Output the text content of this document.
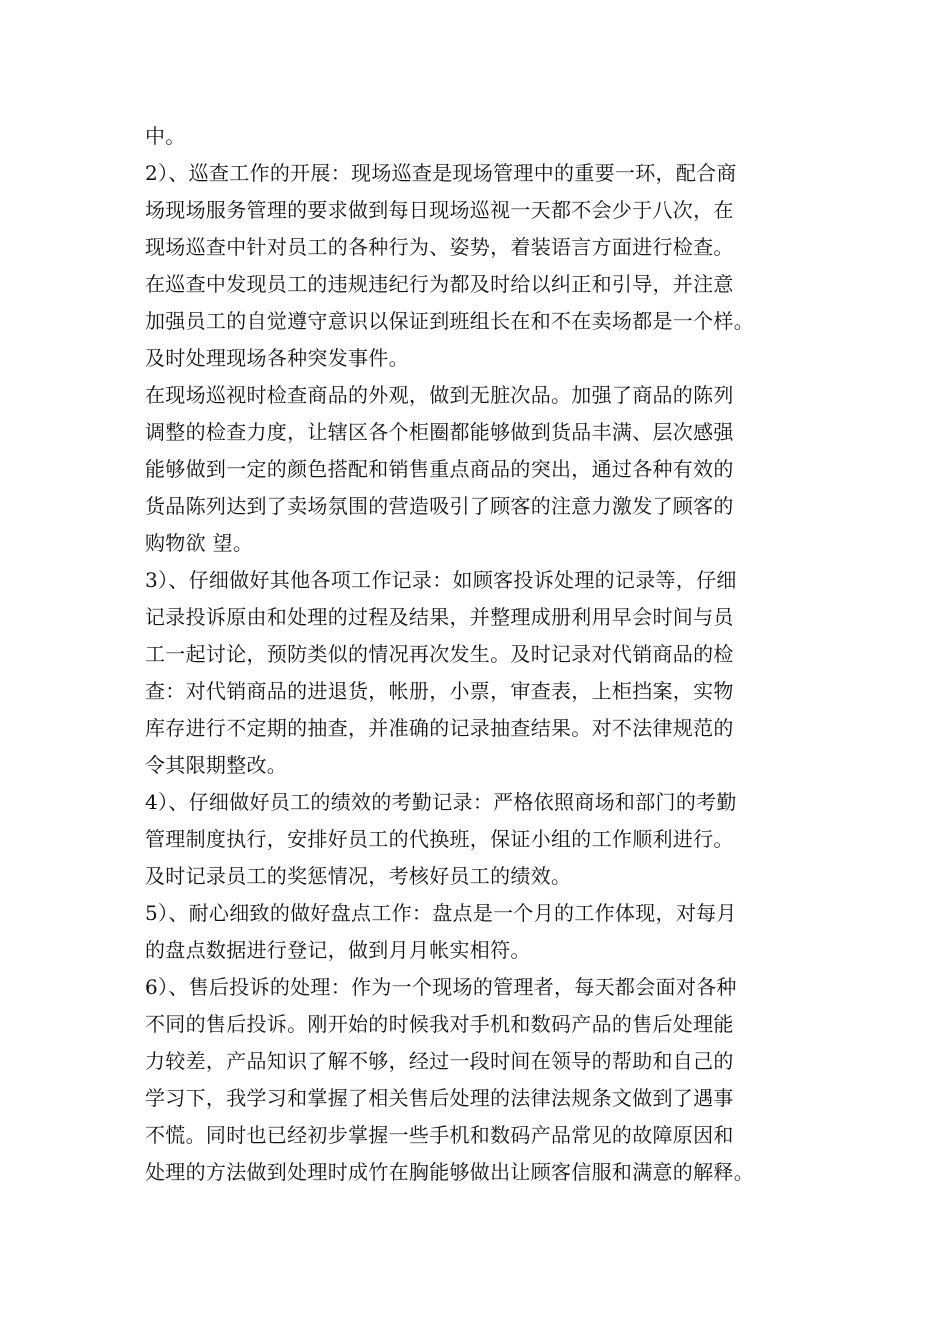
中。
2）、巡查工作的开展：现场巡查是现场管理中的重要一环，配合商
场现场服务管理的要求做到每日现场巡视一天都不会少于八次，在
现场巡查中针对员工的各种行为、姿势，着装语言方面进行检查。
在巡查中发现员工的违规违纪行为都及时给以纠正和引导，并注意
加强员工的自觉遵守意识以保证到班组长在和不在卖场都是一个样。
及时处理现场各种突发事件。
在现场巡视时检查商品的外观，做到无脏次品。加强了商品的陈列
调整的检查力度，让辖区各个柜圈都能够做到货品丰满、层次感强
能够做到一定的颜色搭配和销售重点商品的突出，通过各种有效的
货品陈列达到了卖场氛围的营造吸引了顾客的注意力激发了顾客的
购物欲 望。
3）、仔细做好其他各项工作记录：如顾客投诉处理的记录等，仔细
记录投诉原由和处理的过程及结果，并整理成册利用早会时间与员
工一起讨论，预防类似的情况再次发生。及时记录对代销商品的检
查：对代销商品的进退货，帐册，小票，审查表，上柜挡案，实物
库存进行不定期的抽查，并准确的记录抽查结果。对不法律规范的
令其限期整改。
4）、仔细做好员工的绩效的考勤记录：严格依照商场和部门的考勤
管理制度执行，安排好员工的代换班，保证小组的工作顺利进行。
及时记录员工的奖惩情况，考核好员工的绩效。
5）、耐心细致的做好盘点工作：盘点是一个月的工作体现，对每月
的盘点数据进行登记，做到月月帐实相符。
6）、售后投诉的处理：作为一个现场的管理者，每天都会面对各种
不同的售后投诉。刚开始的时候我对手机和数码产品的售后处理能
力较差，产品知识了解不够，经过一段时间在领导的帮助和自己的
学习下，我学习和掌握了相关售后处理的法律法规条文做到了遇事
不慌。同时也已经初步掌握一些手机和数码产品常见的故障原因和
处理的方法做到处理时成竹在胸能够做出让顾客信服和满意的解释。
